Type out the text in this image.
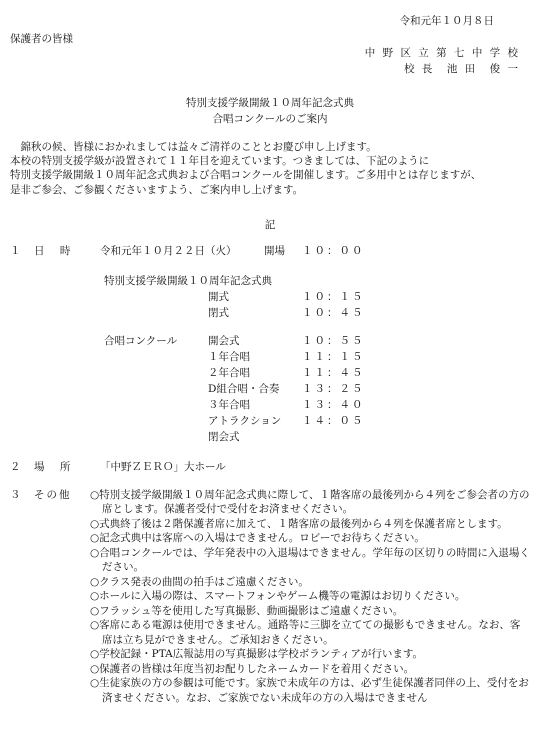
令和元年１０月８日
保護者の皆様
中 野 区 立 第 七 中 学 校
校 長　池 田　俊 一
特別支援学級開級１０周年記念式典
合唱コンクールのご案内

　錦秋の候、皆様におかれましては益々ご清祥のこととお慶び申し上げます。

本校の特別支援学級が設置されて１１年目を迎えています。つきましては、下記のように

特別支援学級開級１０周年記念式典および合唱コンクールを開催します。ご多用中とは存じますが、

是非ご参会、ご参観くださいますよう、ご案内申し上げます。

記
１ 日 時 令和元年１０月２２日（火）	開場 １０：００
特別支援学級開級１０周年記念式典
開式	１０：１５
閉式	１０：４５
合唱コンクール	開会式	１０：５５
１年合唱	１１：１５
２年合唱	１１：４５
D組合唱・合奏 １３：２５
３年合唱	１３：４０
アトラクション １４：０５
閉会式
２ 場 所 「中野ＺＥＲＯ」大ホール
３ その他 ○特別支援学級開級１０周年記念式典に際して、１階客席の最後列から４列をご参会者の方の席とします。保護者受付で受付をお済ませください。

○式典終了後は２階保護者席に加えて、１階客席の最後列から４列を保護者席とします。

○記念式典中は客席への入場はできません。ロビーでお待ちください。

○合唱コンクールでは、学年発表中の入退場はできません。学年毎の区切りの時間に入退場ください。

○クラス発表の曲間の拍手はご遠慮ください。

○ホールに入場の際は、スマートフォンやゲーム機等の電源はお切りください。

○フラッシュ等を使用した写真撮影、動画撮影はご遠慮ください。

○客席にある電源は使用できません。通路等に三脚を立てての撮影もできません。なお、客席は立ち見ができません。ご承知おきください。

○学校記録・PTA広報誌用の写真撮影は学校ボランティアが行います。

○保護者の皆様は年度当初お配りしたネームカードを着用ください。

○生徒家族の方の参観は可能です。家族で未成年の方は、必ず生徒保護者同伴の上、受付をお済ませください。なお、ご家族でない未成年の方の入場はできません
